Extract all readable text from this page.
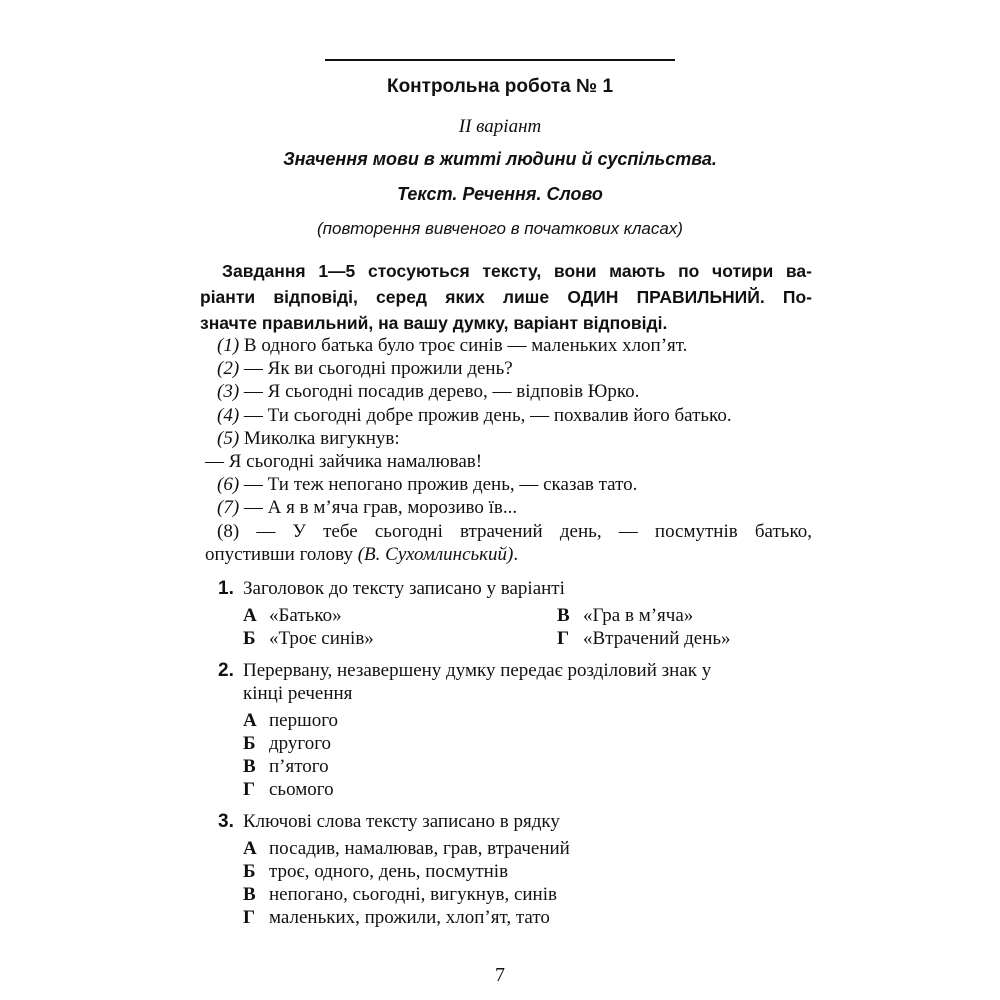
Контрольна робота № 1
ІІ варіант
Значення мови в житті людини й суспільства.
Текст. Речення. Слово
(повторення вивченого в початкових класах)
Завдання 1—5 стосуються тексту, вони мають по чотири ва-
ріанти відповіді, серед яких лише ОДИН ПРАВИЛЬНИЙ. По-
значте правильний, на вашу думку, варіант відповіді.
(1) В одного батька було троє синів — маленьких хлоп’ят.
(2) — Як ви сьогодні прожили день?
(3) — Я сьогодні посадив дерево, — відповів Юрко.
(4) — Ти сьогодні добре прожив день, — похвалив його батько.
(5) Миколка вигукнув:
— Я сьогодні зайчика намалював!
(6) — Ти теж непогано прожив день, — сказав тато.
(7) — А я в м’яча грав, морозиво їв...
(8) — У тебе сьогодні втрачений день, — посмутнів батько,
опустивши голову (В. Сухомлинський).
1. Заголовок до тексту записано у варіанті
А «Батько»
Б «Троє синів»
В «Гра в м’яча»
Г «Втрачений день»
2. Перервану, незавершену думку передає розділовий знак у
кінці речення
А першого
Б другого
В п’ятого
Г сьомого
3. Ключові слова тексту записано в рядку
А посадив, намалював, грав, втрачений
Б троє, одного, день, посмутнів
В непогано, сьогодні, вигукнув, синів
Г маленьких, прожили, хлоп’ят, тато
7
